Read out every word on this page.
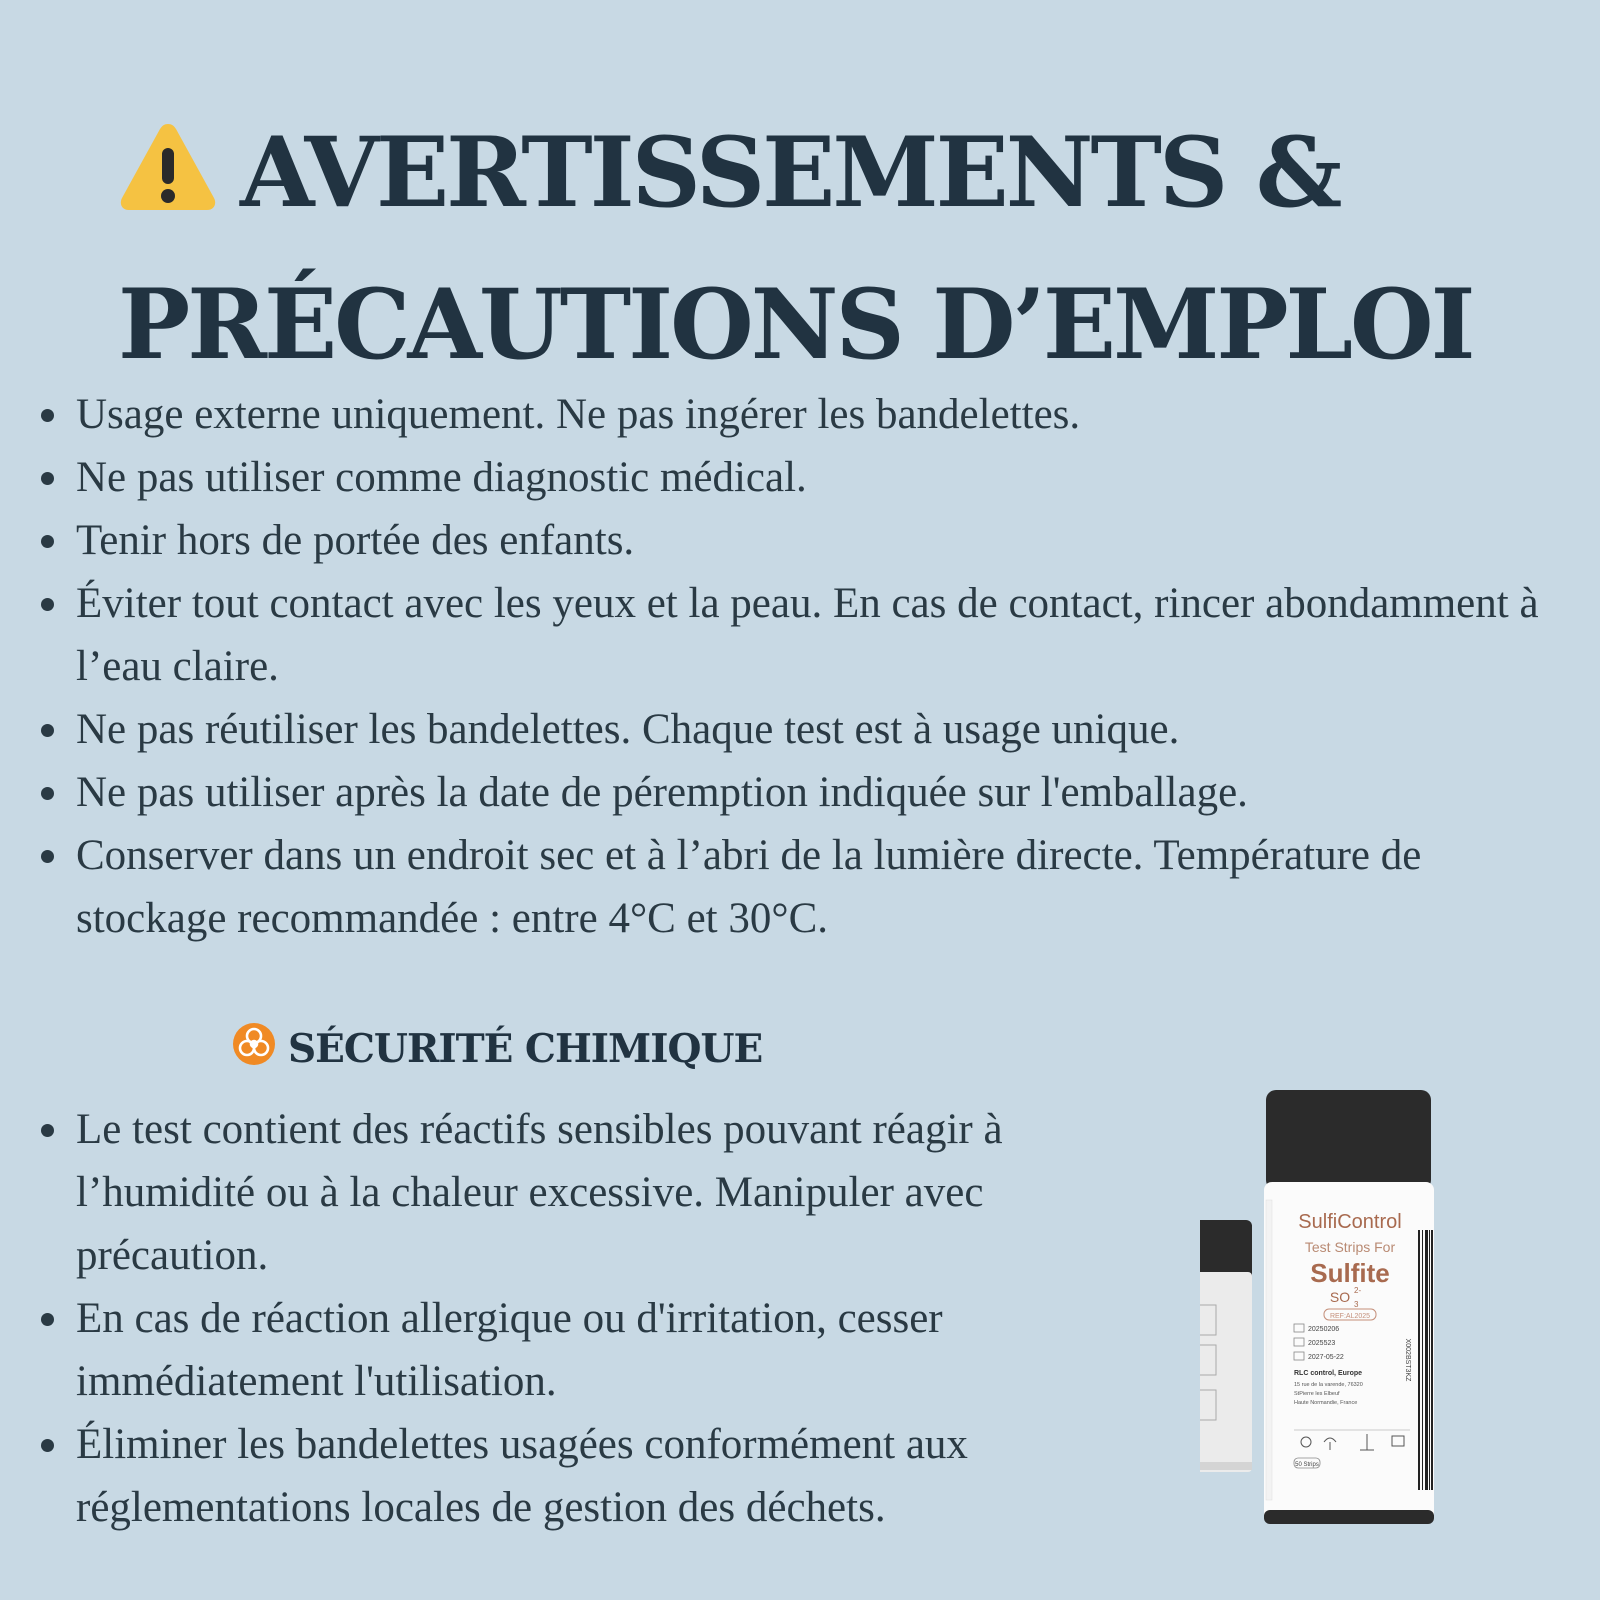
AVERTISSEMENTS &
PRÉCAUTIONS D’EMPLOI
Usage externe uniquement. Ne pas ingérer les bandelettes.
Ne pas utiliser comme diagnostic médical.
Tenir hors de portée des enfants.
Éviter tout contact avec les yeux et la peau. En cas de contact, rincer abondamment à l’eau claire.
Ne pas réutiliser les bandelettes. Chaque test est à usage unique.
Ne pas utiliser après la date de péremption indiquée sur l'emballage.
Conserver dans un endroit sec et à l’abri de la lumière directe. Température de stockage recommandée : entre 4°C et 30°C.
SÉCURITÉ CHIMIQUE
Le test contient des réactifs sensibles pouvant réagir à l’humidité ou à la chaleur excessive. Manipuler avec précaution.
En cas de réaction allergique ou d'irritation, cesser immédiatement l'utilisation.
Éliminer les bandelettes usagées conformément aux réglementations locales de gestion des déchets.
SulfiControl
Test Strips For
Sulfite
SO 3
2-
REF:AL2025
20250206
2025523
2027-05-22
RLC control, Europe
15 rue de la varende, 76320
StPierre les Elbeuf
Haute Normandie, France
50 Strips
X002BST3KZ
